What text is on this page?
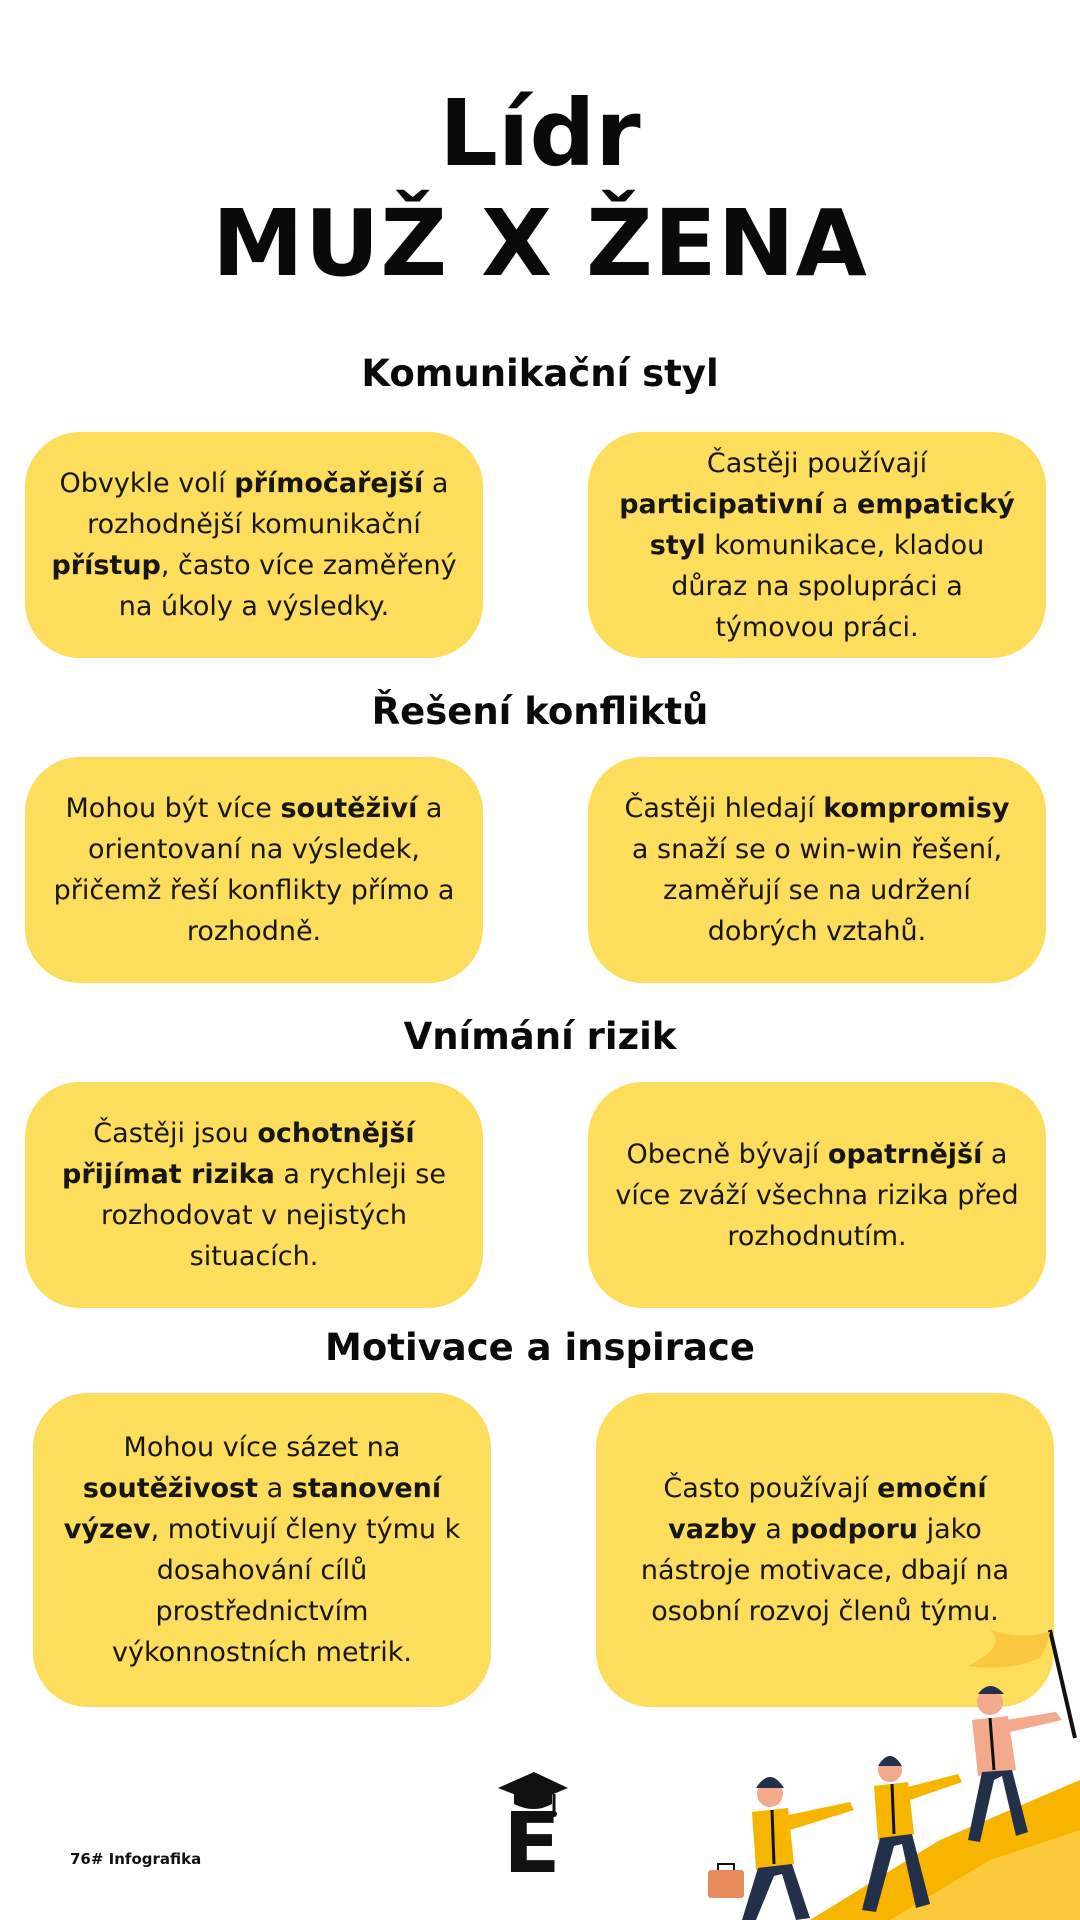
Lídr
MUŽ X ŽENA
Komunikační styl

Obvykle volí přímočařejší a rozhodnější komunikační přístup, často více zaměřený na úkoly a výsledky.

Častěji používají participativní a empatický styl komunikace, kladou důraz na spolupráci a týmovou práci.

Řešení konfliktů

Mohou být více soutěživí a orientovaní na výsledek, přičemž řeší konflikty přímo a rozhodně.

Častěji hledají kompromisy a snaží se o win-win řešení, zaměřují se na udržení dobrých vztahů.

Vnímání rizik

Častěji jsou ochotnější přijímat rizika a rychleji se rozhodovat v nejistých situacích.

Obecně bývají opatrnější a více zváží všechna rizika před rozhodnutím.

Motivace a inspirace

Mohou více sázet na soutěživost a stanovení výzev, motivují členy týmu k dosahování cílů prostřednictvím výkonnostních metrik.

Často používají emoční vazby a podporu jako nástroje motivace, dbají na osobní rozvoj členů týmu.

76# Infografika	E
